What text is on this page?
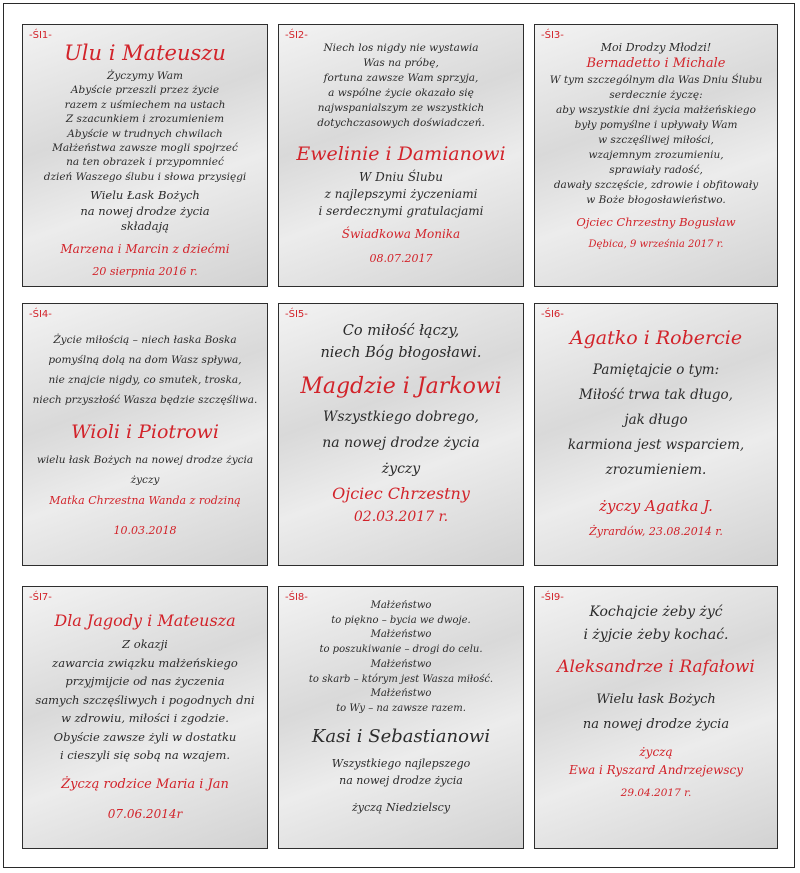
-ŚI1-
Ulu i Mateuszu
Życzymy Wam
Abyście przeszli przez życie
razem z uśmiechem na ustach
Z szacunkiem i zrozumieniem
Abyście w trudnych chwilach
Małżeństwa zawsze mogli spojrzeć
na ten obrazek i przypomnieć
dzień Waszego ślubu i słowa przysięgi
Wielu Łask Bożych
na nowej drodze życia
składają
Marzena i Marcin z dziećmi
20 sierpnia 2016 r.
-ŚI2-
Niech los nigdy nie wystawia
Was na próbę,
fortuna zawsze Wam sprzyja,
a wspólne życie okazało się
najwspanialszym ze wszystkich
dotychczasowych doświadczeń.
Ewelinie i Damianowi
W Dniu Ślubu
z najlepszymi życzeniami
i serdecznymi gratulacjami
Świadkowa Monika
08.07.2017
-ŚI3-
Moi Drodzy Młodzi!
Bernadetto i Michale
W tym szczególnym dla Was Dniu Ślubu
serdecznie życzę:
aby wszystkie dni życia małżeńskiego
były pomyślne i upływały Wam
w szczęśliwej miłości,
wzajemnym zrozumieniu,
sprawiały radość,
dawały szczęście, zdrowie i obfitowały
w Boże błogosławieństwo.
Ojciec Chrzestny Bogusław
Dębica, 9 września 2017 r.
-ŚI4-
Życie miłością – niech łaska Boska
pomyślną dolą na dom Wasz spływa,
nie znajcie nigdy, co smutek, troska,
niech przyszłość Wasza będzie szczęśliwa.
Wioli i Piotrowi
wielu łask Bożych na nowej drodze życia
życzy
Matka Chrzestna Wanda z rodziną
10.03.2018
-ŚI5-
Co miłość łączy,
niech Bóg błogosławi.
Magdzie i Jarkowi
Wszystkiego dobrego,
na nowej drodze życia
życzy
Ojciec Chrzestny
02.03.2017 r.
-ŚI6-
Agatko i Robercie
Pamiętajcie o tym:
Miłość trwa tak długo,
jak długo
karmiona jest wsparciem,
zrozumieniem.
życzy Agatka J.
Żyrardów, 23.08.2014 r.
-ŚI7-
Dla Jagody i Mateusza
Z okazji
zawarcia związku małżeńskiego
przyjmijcie od nas życzenia
samych szczęśliwych i pogodnych dni
w zdrowiu, miłości i zgodzie.
Obyście zawsze żyli w dostatku
i cieszyli się sobą na wzajem.
Życzą rodzice Maria i Jan
07.06.2014r
-ŚI8-
Małżeństwo
to piękno – bycia we dwoje.
Małżeństwo
to poszukiwanie – drogi do celu.
Małżeństwo
to skarb – którym jest Wasza miłość.
Małżeństwo
to Wy – na zawsze razem.
Kasi i Sebastianowi
Wszystkiego najlepszego
na nowej drodze życia
życzą Niedzielscy
-ŚI9-
Kochajcie żeby żyć
i żyjcie żeby kochać.
Aleksandrze i Rafałowi
Wielu łask Bożych
na nowej drodze życia
życzą
Ewa i Ryszard Andrzejewscy
29.04.2017 r.
